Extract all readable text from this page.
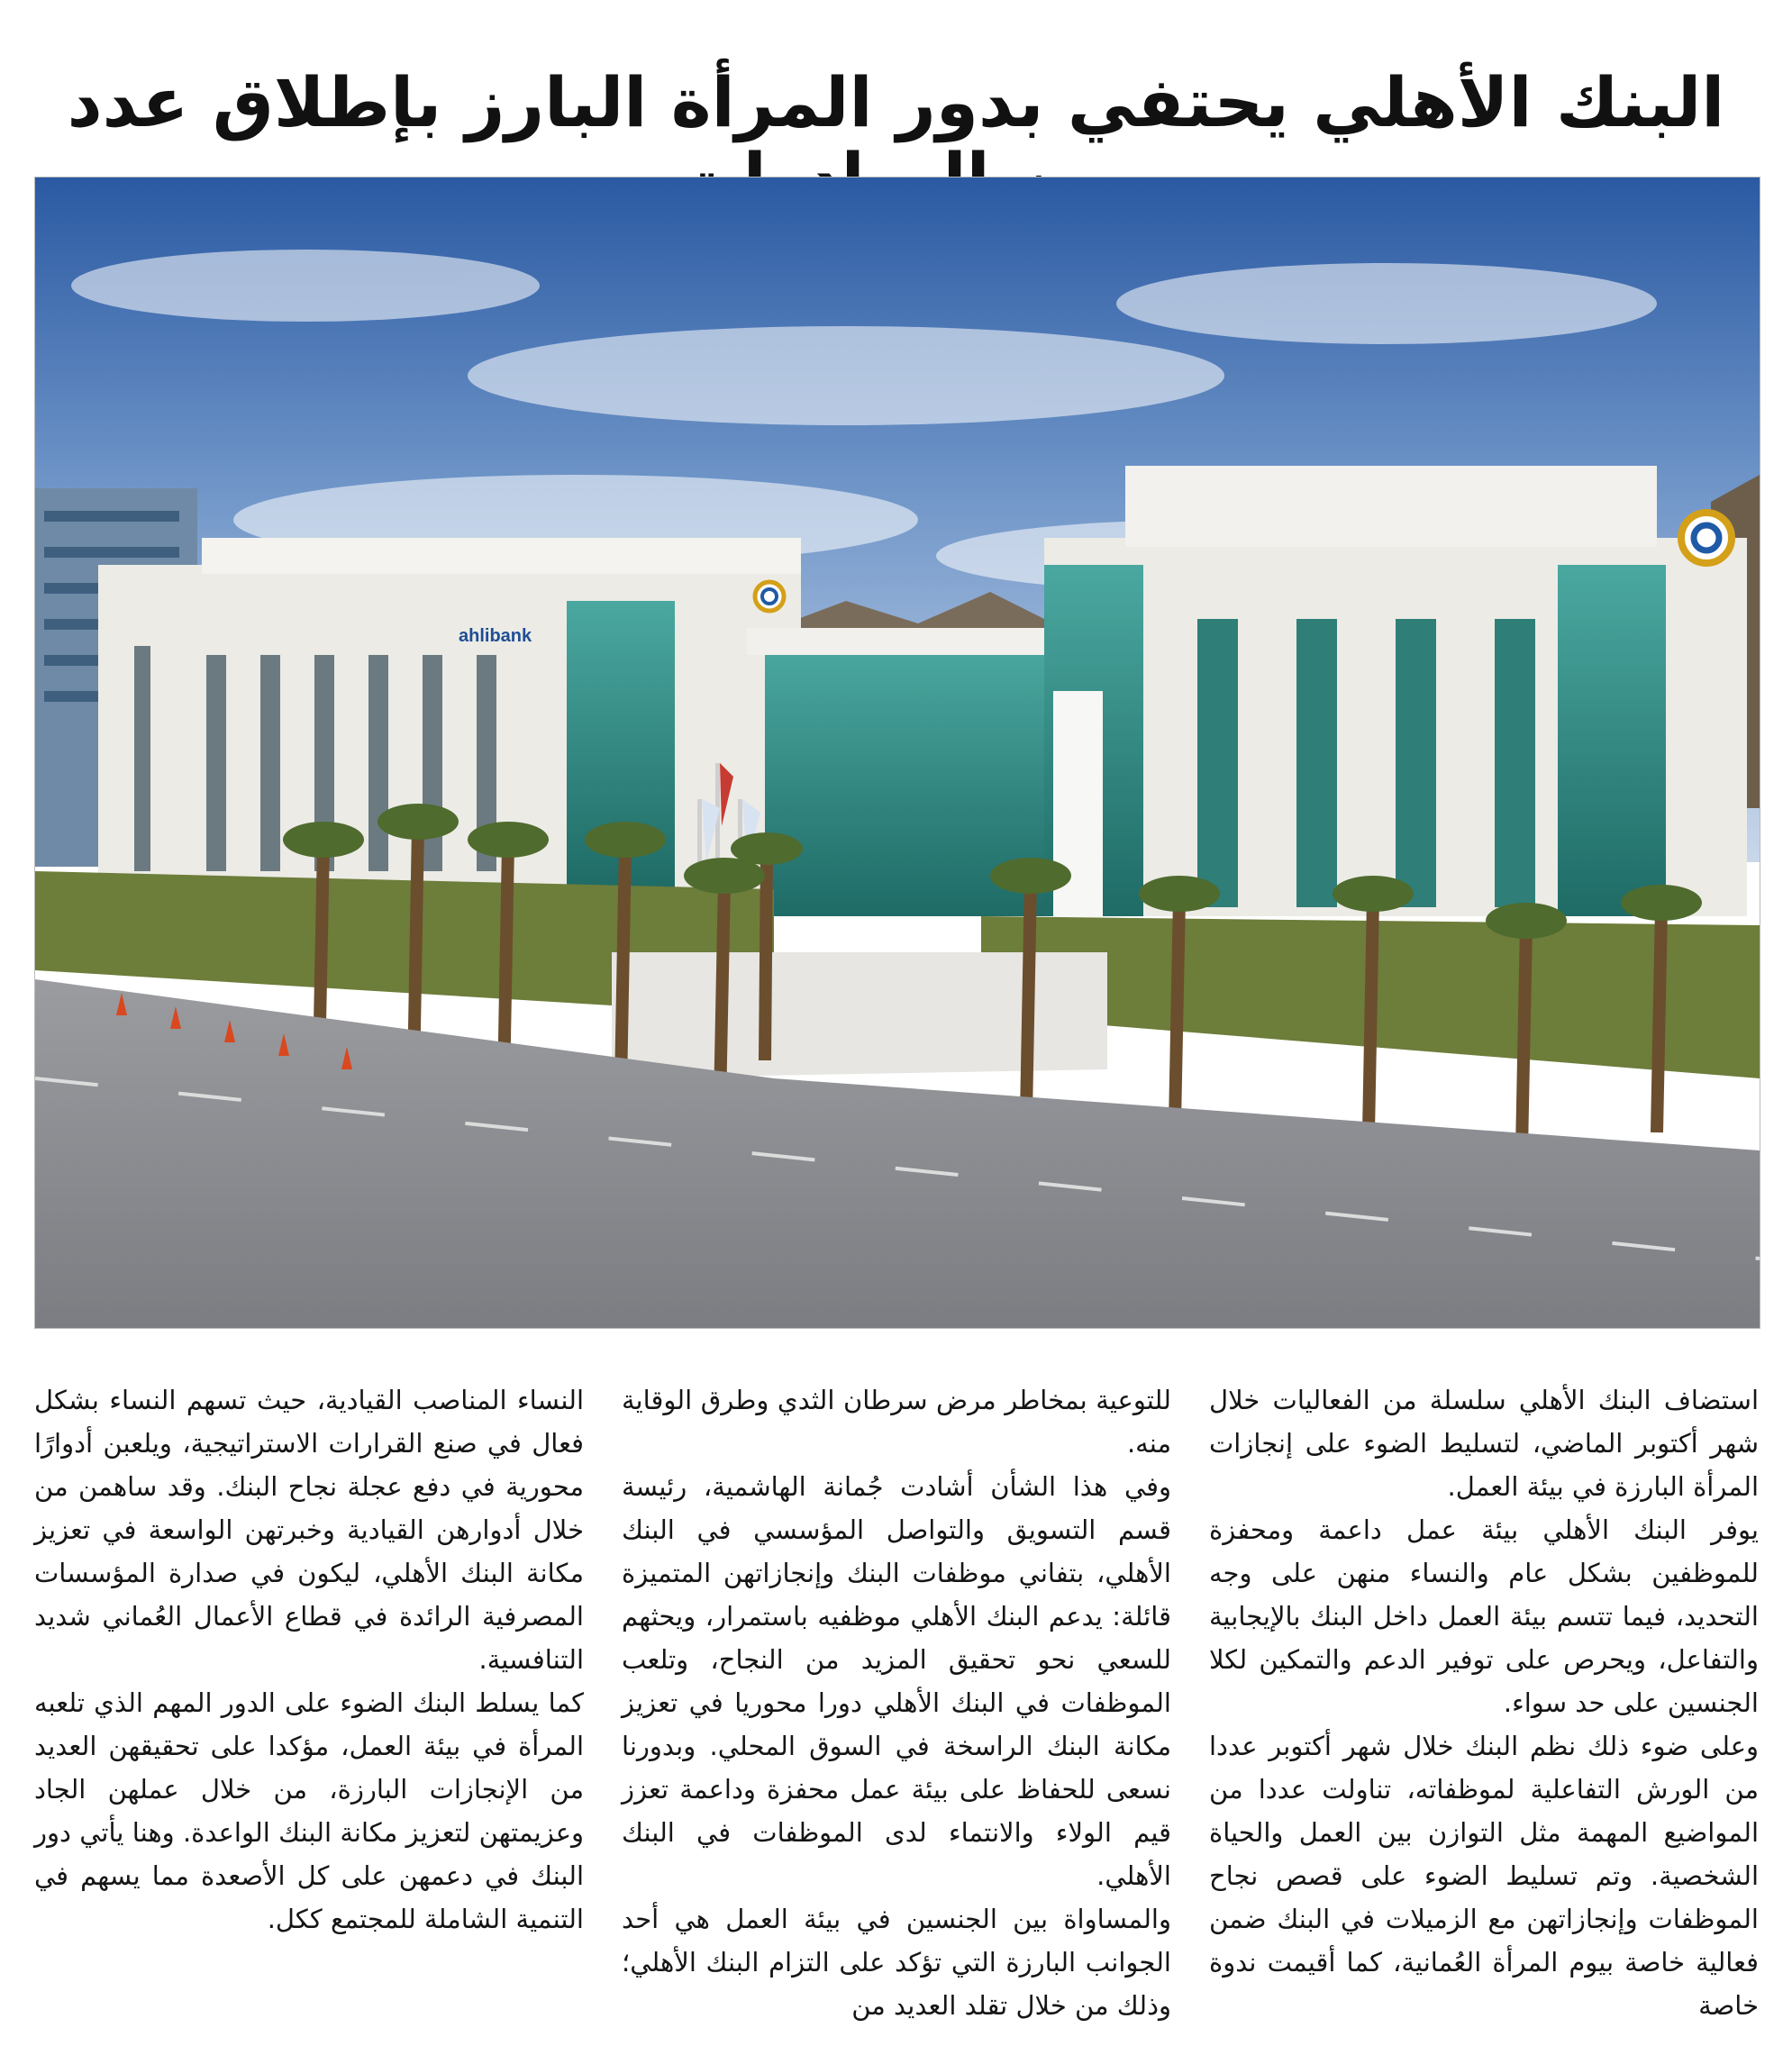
البنك الأهلي يحتفي بدور المرأة البارز بإطلاق عدد
ahlibank

استضاف البنك الأهلي سلسلة من الفعاليات خلال شهر أكتوبر الماضي، لتسليط الضوء على إنجازات المرأة البارزة في بيئة العمل.

يوفر البنك الأهلي بيئة عمل داعمة ومحفزة للموظفين بشكل عام والنساء منهن على وجه التحديد، فيما تتسم بيئة العمل داخل البنك بالإيجابية والتفاعل، ويحرص على توفير الدعم والتمكين لكلا الجنسين على حد سواء.

وعلى ضوء ذلك نظم البنك خلال شهر أكتوبر عددا من الورش التفاعلية لموظفاته، تناولت عددا من المواضيع المهمة مثل التوازن بين العمل والحياة الشخصية. وتم تسليط الضوء على قصص نجاح الموظفات وإنجازاتهن مع الزميلات في البنك ضمن فعالية خاصة بيوم المرأة العُمانية، كما أقيمت ندوة خاصة

للتوعية بمخاطر مرض سرطان الثدي وطرق الوقاية منه.

وفي هذا الشأن أشادت جُمانة الهاشمية، رئيسة قسم التسويق والتواصل المؤسسي في البنك الأهلي، بتفاني موظفات البنك وإنجازاتهن المتميزة قائلة: يدعم البنك الأهلي موظفيه باستمرار، ويحثهم للسعي نحو تحقيق المزيد من النجاح، وتلعب الموظفات في البنك الأهلي دورا محوريا في تعزيز مكانة البنك الراسخة في السوق المحلي. وبدورنا نسعى للحفاظ على بيئة عمل محفزة وداعمة تعزز قيم الولاء والانتماء لدى الموظفات في البنك الأهلي.

والمساواة بين الجنسين في بيئة العمل هي أحد الجوانب البارزة التي تؤكد على التزام البنك الأهلي؛ وذلك من خلال تقلد العديد من

النساء المناصب القيادية، حيث تسهم النساء بشكل فعال في صنع القرارات الاستراتيجية، ويلعبن أدوارًا محورية في دفع عجلة نجاح البنك. وقد ساهمن من خلال أدوارهن القيادية وخبرتهن الواسعة في تعزيز مكانة البنك الأهلي، ليكون في صدارة المؤسسات المصرفية الرائدة في قطاع الأعمال العُماني شديد التنافسية.

كما يسلط البنك الضوء على الدور المهم الذي تلعبه المرأة في بيئة العمل، مؤكدا على تحقيقهن العديد من الإنجازات البارزة، من خلال عملهن الجاد وعزيمتهن لتعزيز مكانة البنك الواعدة. وهنا يأتي دور البنك في دعمهن على كل الأصعدة مما يسهم في التنمية الشاملة للمجتمع ككل.
